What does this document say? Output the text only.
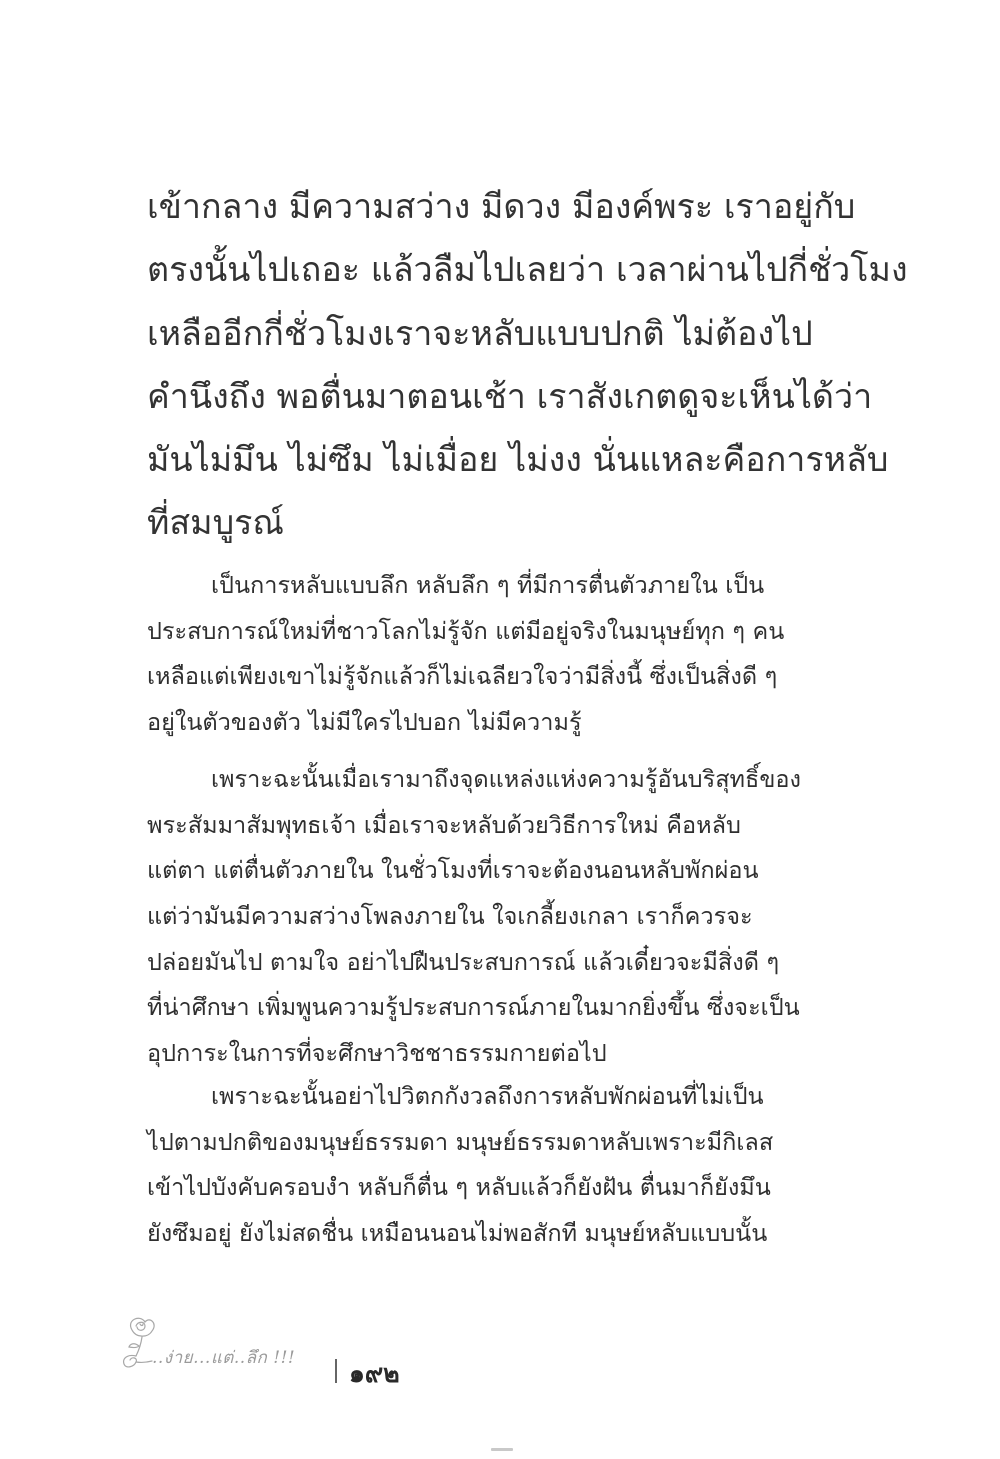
เข้ากลาง มีความสว่าง มีดวง มีองค์พระ เราอยู่กับ
ตรงนั้นไปเถอะ แล้วลืมไปเลยว่า เวลาผ่านไปกี่ชั่วโมง
เหลืออีกกี่ชั่วโมงเราจะหลับแบบปกติ ไม่ต้องไป
คำนึงถึง พอตื่นมาตอนเช้า เราสังเกตดูจะเห็นได้ว่า
มันไม่มึน ไม่ซึม ไม่เมื่อย ไม่งง นั่นแหละคือการหลับ
ที่สมบูรณ์
เป็นการหลับแบบลึก หลับลึก ๆ ที่มีการตื่นตัวภายใน เป็น
ประสบการณ์ใหม่ที่ชาวโลกไม่รู้จัก แต่มีอยู่จริงในมนุษย์ทุก ๆ คน
เหลือแต่เพียงเขาไม่รู้จักแล้วก็ไม่เฉลียวใจว่ามีสิ่งนี้ ซึ่งเป็นสิ่งดี ๆ
อยู่ในตัวของตัว ไม่มีใครไปบอก ไม่มีความรู้
เพราะฉะนั้นเมื่อเรามาถึงจุดแหล่งแห่งความรู้อันบริสุทธิ์ของ
พระสัมมาสัมพุทธเจ้า เมื่อเราจะหลับด้วยวิธีการใหม่ คือหลับ
แต่ตา แต่ตื่นตัวภายใน ในชั่วโมงที่เราจะต้องนอนหลับพักผ่อน
แต่ว่ามันมีความสว่างโพลงภายใน ใจเกลี้ยงเกลา เราก็ควรจะ
ปล่อยมันไป ตามใจ อย่าไปฝืนประสบการณ์ แล้วเดี๋ยวจะมีสิ่งดี ๆ
ที่น่าศึกษา เพิ่มพูนความรู้ประสบการณ์ภายในมากยิ่งขึ้น ซึ่งจะเป็น
อุปการะในการที่จะศึกษาวิชชาธรรมกายต่อไป
เพราะฉะนั้นอย่าไปวิตกกังวลถึงการหลับพักผ่อนที่ไม่เป็น
ไปตามปกติของมนุษย์ธรรมดา มนุษย์ธรรมดาหลับเพราะมีกิเลส
เข้าไปบังคับครอบงำ หลับก็ตื่น ๆ หลับแล้วก็ยังฝัน ตื่นมาก็ยังมึน
ยังซึมอยู่ ยังไม่สดชื่น เหมือนนอนไม่พอสักที มนุษย์หลับแบบนั้น
..ง่าย...แต่..ลึก !!!
๑๙๒
